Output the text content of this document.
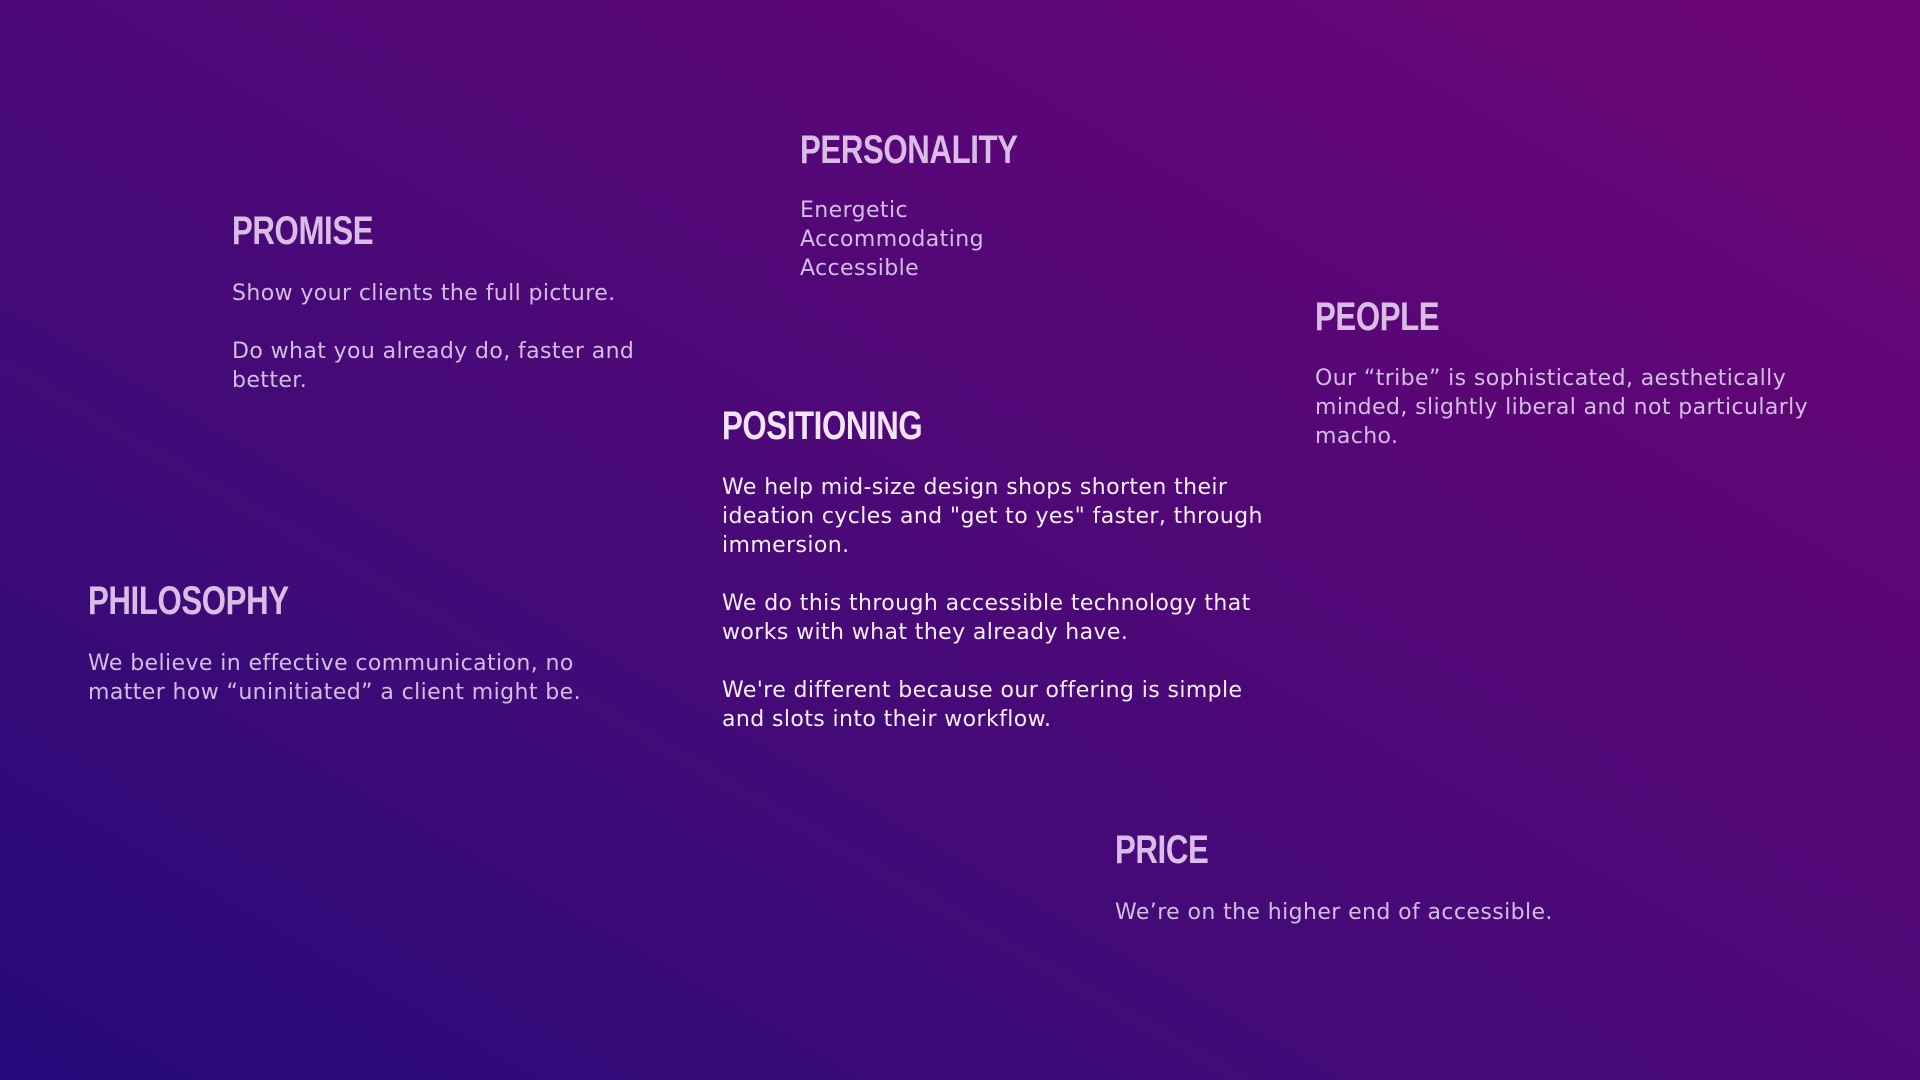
PROMISE

Show your clients the full picture.

Do what you already do, faster and better.

PERSONALITY
Energetic
Accommodating
Accessible
PEOPLE

Our “tribe” is sophisticated, aesthetically minded, slightly liberal and not particularly macho.

POSITIONING

We help mid-size design shops shorten their ideation cycles and "get to yes" faster, through immersion.

We do this through accessible technology that works with what they already have.

We're different because our offering is simple and slots into their workflow.

PHILOSOPHY

We believe in effective communication, no matter how “uninitiated” a client might be.

PRICE

We’re on the higher end of accessible.
